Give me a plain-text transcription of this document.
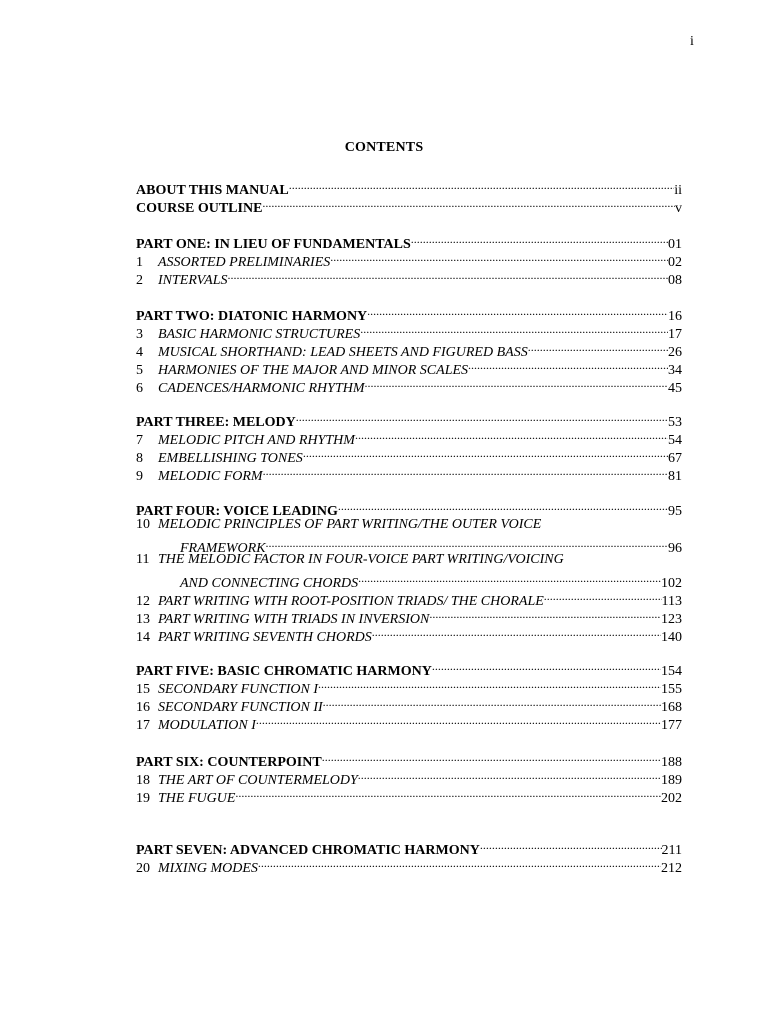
i
CONTENTS
ABOUT THIS MANUAL .....	ii
COURSE OUTLINE .....	v
PART ONE: IN LIEU OF FUNDAMENTALS .....	01
1	ASSORTED PRELIMINARIES .....	02
2	INTERVALS .....	08
PART TWO: DIATONIC HARMONY .....	16
3	BASIC HARMONIC STRUCTURES .....	17
4	MUSICAL SHORTHAND: LEAD SHEETS AND FIGURED BASS .....	26
5	HARMONIES OF THE MAJOR AND MINOR SCALES .....	34
6	CADENCES/HARMONIC RHYTHM .....	45
PART THREE: MELODY .....	53
7	MELODIC PITCH AND RHYTHM .....	54
8	EMBELLISHING TONES .....	67
9	MELODIC FORM .....	81
PART FOUR: VOICE LEADING .....	95
10 MELODIC PRINCIPLES OF PART WRITING/THE OUTER VOICE
FRAMEWORK .....	96
11 THE MELODIC FACTOR IN FOUR-VOICE PART WRITING/VOICING
AND CONNECTING CHORDS .....	102
12 PART WRITING WITH ROOT-POSITION TRIADS/ THE CHORALE .....	113
13 PART WRITING WITH TRIADS IN INVERSION .....	123
14 PART WRITING SEVENTH CHORDS .....	140
PART FIVE: BASIC CHROMATIC HARMONY .....	154
15 SECONDARY FUNCTION I .....	155
16 SECONDARY FUNCTION II .....	168
17 MODULATION I .....	177
PART SIX: COUNTERPOINT .....	188
18 THE ART OF COUNTERMELODY .....	189
19 THE FUGUE .....	202
PART SEVEN: ADVANCED CHROMATIC HARMONY .....	211
20 MIXING MODES .....	212
